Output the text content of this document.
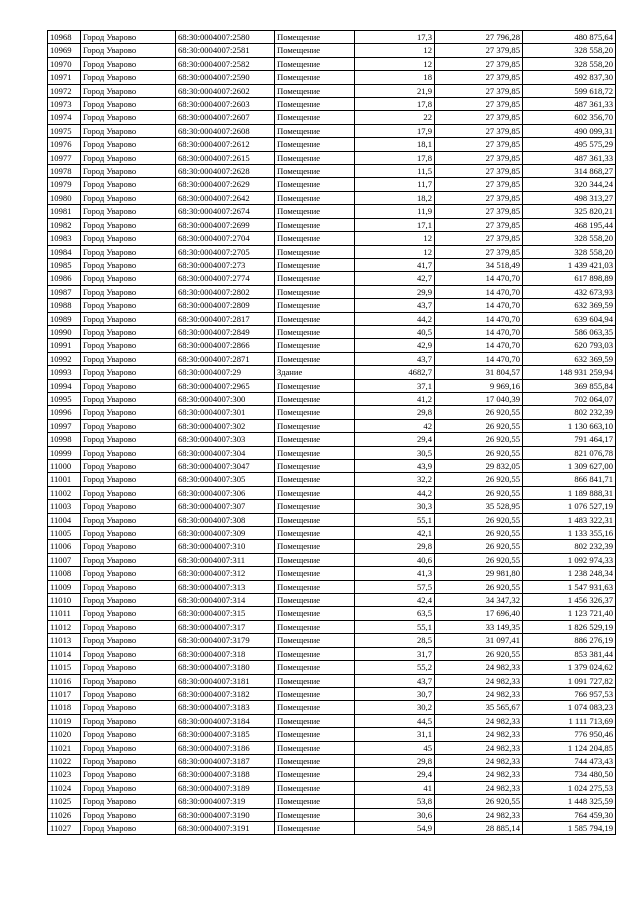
10968	Город Уварово	68:30:0004007:2580	Помещение	17,3	27 796,28	480 875,64
10969	Город Уварово	68:30:0004007:2581	Помещение	12	27 379,85	328 558,20
10970	Город Уварово	68:30:0004007:2582	Помещение	12	27 379,85	328 558,20
10971	Город Уварово	68:30:0004007:2590	Помещение	18	27 379,85	492 837,30
10972	Город Уварово	68:30:0004007:2602	Помещение	21,9	27 379,85	599 618,72
10973	Город Уварово	68:30:0004007:2603	Помещение	17,8	27 379,85	487 361,33
10974	Город Уварово	68:30:0004007:2607	Помещение	22	27 379,85	602 356,70
10975	Город Уварово	68:30:0004007:2608	Помещение	17,9	27 379,85	490 099,31
10976	Город Уварово	68:30:0004007:2612	Помещение	18,1	27 379,85	495 575,29
10977	Город Уварово	68:30:0004007:2615	Помещение	17,8	27 379,85	487 361,33
10978	Город Уварово	68:30:0004007:2628	Помещение	11,5	27 379,85	314 868,27
10979	Город Уварово	68:30:0004007:2629	Помещение	11,7	27 379,85	320 344,24
10980	Город Уварово	68:30:0004007:2642	Помещение	18,2	27 379,85	498 313,27
10981	Город Уварово	68:30:0004007:2674	Помещение	11,9	27 379,85	325 820,21
10982	Город Уварово	68:30:0004007:2699	Помещение	17,1	27 379,85	468 195,44
10983	Город Уварово	68:30:0004007:2704	Помещение	12	27 379,85	328 558,20
10984	Город Уварово	68:30:0004007:2705	Помещение	12	27 379,85	328 558,20
10985	Город Уварово	68:30:0004007:273	Помещение	41,7	34 518,49	1 439 421,03
10986	Город Уварово	68:30:0004007:2774	Помещение	42,7	14 470,70	617 898,89
10987	Город Уварово	68:30:0004007:2802	Помещение	29,9	14 470,70	432 673,93
10988	Город Уварово	68:30:0004007:2809	Помещение	43,7	14 470,70	632 369,59
10989	Город Уварово	68:30:0004007:2817	Помещение	44,2	14 470,70	639 604,94
10990	Город Уварово	68:30:0004007:2849	Помещение	40,5	14 470,70	586 063,35
10991	Город Уварово	68:30:0004007:2866	Помещение	42,9	14 470,70	620 793,03
10992	Город Уварово	68:30:0004007:2871	Помещение	43,7	14 470,70	632 369,59
10993	Город Уварово	68:30:0004007:29	Здание	4682,7	31 804,57	148 931 259,94
10994	Город Уварово	68:30:0004007:2965	Помещение	37,1	9 969,16	369 855,84
10995	Город Уварово	68:30:0004007:300	Помещение	41,2	17 040,39	702 064,07
10996	Город Уварово	68:30:0004007:301	Помещение	29,8	26 920,55	802 232,39
10997	Город Уварово	68:30:0004007:302	Помещение	42	26 920,55	1 130 663,10
10998	Город Уварово	68:30:0004007:303	Помещение	29,4	26 920,55	791 464,17
10999	Город Уварово	68:30:0004007:304	Помещение	30,5	26 920,55	821 076,78
11000	Город Уварово	68:30:0004007:3047	Помещение	43,9	29 832,05	1 309 627,00
11001	Город Уварово	68:30:0004007:305	Помещение	32,2	26 920,55	866 841,71
11002	Город Уварово	68:30:0004007:306	Помещение	44,2	26 920,55	1 189 888,31
11003	Город Уварово	68:30:0004007:307	Помещение	30,3	35 528,95	1 076 527,19
11004	Город Уварово	68:30:0004007:308	Помещение	55,1	26 920,55	1 483 322,31
11005	Город Уварово	68:30:0004007:309	Помещение	42,1	26 920,55	1 133 355,16
11006	Город Уварово	68:30:0004007:310	Помещение	29,8	26 920,55	802 232,39
11007	Город Уварово	68:30:0004007:311	Помещение	40,6	26 920,55	1 092 974,33
11008	Город Уварово	68:30:0004007:312	Помещение	41,3	29 981,80	1 238 248,34
11009	Город Уварово	68:30:0004007:313	Помещение	57,5	26 920,55	1 547 931,63
11010	Город Уварово	68:30:0004007:314	Помещение	42,4	34 347,32	1 456 326,37
11011	Город Уварово	68:30:0004007:315	Помещение	63,5	17 696,40	1 123 721,40
11012	Город Уварово	68:30:0004007:317	Помещение	55,1	33 149,35	1 826 529,19
11013	Город Уварово	68:30:0004007:3179	Помещение	28,5	31 097,41	886 276,19
11014	Город Уварово	68:30:0004007:318	Помещение	31,7	26 920,55	853 381,44
11015	Город Уварово	68:30:0004007:3180	Помещение	55,2	24 982,33	1 379 024,62
11016	Город Уварово	68:30:0004007:3181	Помещение	43,7	24 982,33	1 091 727,82
11017	Город Уварово	68:30:0004007:3182	Помещение	30,7	24 982,33	766 957,53
11018	Город Уварово	68:30:0004007:3183	Помещение	30,2	35 565,67	1 074 083,23
11019	Город Уварово	68:30:0004007:3184	Помещение	44,5	24 982,33	1 111 713,69
11020	Город Уварово	68:30:0004007:3185	Помещение	31,1	24 982,33	776 950,46
11021	Город Уварово	68:30:0004007:3186	Помещение	45	24 982,33	1 124 204,85
11022	Город Уварово	68:30:0004007:3187	Помещение	29,8	24 982,33	744 473,43
11023	Город Уварово	68:30:0004007:3188	Помещение	29,4	24 982,33	734 480,50
11024	Город Уварово	68:30:0004007:3189	Помещение	41	24 982,33	1 024 275,53
11025	Город Уварово	68:30:0004007:319	Помещение	53,8	26 920,55	1 448 325,59
11026	Город Уварово	68:30:0004007:3190	Помещение	30,6	24 982,33	764 459,30
11027	Город Уварово	68:30:0004007:3191	Помещение	54,9	28 885,14	1 585 794,19
